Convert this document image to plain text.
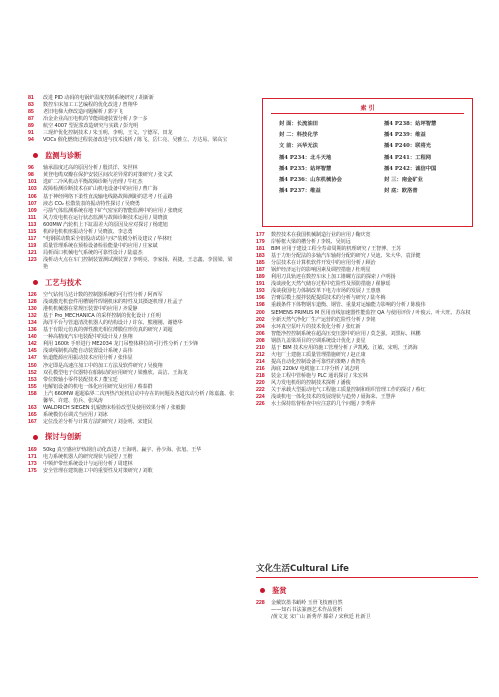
81	改进 PID 动码的电锅炉温度控制系统研究 / 胡新新
83	数控车床加工工艺编程的优化改进 / 曾翔华
85	老旧电梯大修改造问题解析 / 郭宇飞
87	冶金企业高压电机的节能调速装置分析 / 李一多
89	航空 4007 型泥浆改造研究与实践 / 彭光明
91	三现炉优化控制技术 / 朱玉明、李明、王文、宁德军、田龙
94	VOCs 催化燃烧过程装备改进与技术浅析 / 陈飞、岳仁亮、吴雅立、方达易、梁高宝
监测与诊断
96	轴承温度过高的原因分析 / 殷洪洋、朱世林
98	黄登电缆双瓣在保护安装区间次差异常的对策研究 / 张文武
101	选矿二冷风机动平衡故障诊断与治理 / 牛红杰
103	故障检测诊断技术在矿山机电设备中的应用 / 曹广海
106	基于神经网络下柔性直流输电线路故障测距的思考 / 任孟路
107	液态 CO₂ 松散装表的振动特性探讨 / 吴晓勇
109	弓箭气体监测系统在地下矿气密室的智能监测中的应用 / 张晓虎
111	风力发电机在运行状态监测与故障诊断技术运用 / 周晓波
113	600MW 汽轮机上下缸温差大的原因及应对探讨 / 杨建旭
115	机码电机机座振动分析 / 吴晓波、李志勇
117	"电钢联动数采全铝股动试验与实"装模分析及建议 / 华林旺
119	质量管理系统在预检设备检验能量中的应用 / 庄家斌
121	局析面口机械电气系统的可靠性设计 / 陆嘉杰
123	浅析动火点在车门控制装置测试测装置 / 李明亮、李家扬、祝捷、王志鑫、李国梁、梁艳
工艺与技术
126	空气钻伺马达计数的控制器系统的可行性分析 / 阿西军
128	浅谈激光机套件用槽钢件焊钢机床的特性及其摄逐机理 / 杜孟子
130	港机机械器在常规压装置中的应用 / 齐爱静
132	基于 Pro_MECHANICA 的采样控制的优化设计 / 任明
134	海洋平台与管道清洗机器人的结构设计 / 许东、熊刚刚、谢德华
136	基于有限元仿真的弹性激光相位薄膜位形仿真的研究 / 刘超
140	一种高精度汽车电装配中的设计及 / 焦翔
142	利用 1600t 手形进行 ME2034 龙门吊整体移位的可行性分析 / 王少锋
145	浅谈线制机高能自动装置设计系统 / 高伟
147	轨道能源应用振动技术应用分析 / 张伟显
150	净定即是高速注加工中的加工方法及软件研究 / 吴俊翔
152	双孔模型电子仪器特在船制动的应用研究 / 梁雅欣、高洁、王海龙
153	带位数轴小零件装配技术 / 董宝廷
155	电解铝设备的机电一体化应用研究及应用 / 蔡泰群
158	上汽 660MW 超超临界二次再热汽轮机启动中存在的问题及各道次动分析 / 陈嘉鑫、张馨华、许建、仿兵、张凤涛
163	WALDRICH SIEGEN 轧辊磨床检验改型及使用效果分析 / 张毅勤
165	系统模仿在调式当应用 / 刘冰
167	定位没差分析与计算方法的研究 / 刘金明、宋建民
探讨与创新
169	50kg 真空感应炉炼钢自动化改进 / 王海明、赢宇、孙少海、张旭、王华
171	电力系统机器人的研究现状与展望 / 王楷
173	中频炉带丝系统设计与运用分析 / 周建林
175	安全管理在建筑施工中的重要性及对策研究 / 刘歌
索 引
封 面：长流油田	插4 P238：站坪智慧
封 二：科技化学	插4 P239：维益
文 前：兴华无法	插4 P240：联将光
插4 P234：北斗天地	插4 P241：工程网
插4 P235：站坪智慧	插4 P242：诚信中国
插4 P236：山东机械协会	封 三：南金矿业
插4 P237：维益	封 底：欧洛普
177	数控技术在我国机械制造行业的应用 / 鞠庆宽
179	岸桥框大梁的槽分析 / 李锐、吴钊远
181	BIM 应用于建设工程全寿命周期的机理研究 / 王智博、王苏
183	基于力矩分配法的多轴汽车轴荷分配的研究 / 吴迪、朱大华、袁泽健
185	分层技术在计算机软件开发中的应用分析 / 顾治
187	锅炉经济运行的影响因素及调控措施 / 杜明星
189	利用刀具轨迹在数控车床上加工锥螺方法的探索 / 卢明扬
191	浅谈液化天然气储存过程中危险性及预防措施 / 翟静瑶
193	浅谈我国电力体制改革下电力市场的发展 / 王惠惠
196	岩膏层模土搅拌装配提质技术的分析与研究 / 陆冬梅
198	重载条件下体物钢车道衡、钢管、重量对运输能力影响的分析 / 陈俊伟
200	SIEMENS PRIMUS M 医用直线加速器性能监控 QA 与使用评价 / 叶俊云、叶大旺、苏东权
202	全新天然气净化厂生产运营的危险性分析 / 李铭
204	水环真空泵叶片的技术优化分析 / 张红新
206	智能净控控制系统在超高压变压器中的应用 / 莫芝强、刘黑标、林鹏
208	钢筋九盖梁项目的空调系统设计优化 / 姜星
210	基于 BIM 技术应用的施工管理分析 / 尹凯殿、江敏、宋明、王鸿海
212	火电厂土建施工质量管理措施研究 / 赵正康
214	提高自动化控制设备可靠性的策略 / 黄智英
216	海底 220kV 电缆施工工序分析 / 刘志明
218	装金工程中管桥施与 PLC 通讯探讨 / 朱宏林
220	风力发电机组的控制技术探析 / 潘俊
222	关于承载大型振动电气工程施工质量控制和组织管理工作的探讨 / 蔡红
224	浅谈机电一体化技术的发展现状与趋势 / 聂海荣、王慧萍
226	水土保持监督检查中应注意的几个问题 / 李秀萍
文化生活Cultural Life
鉴赏
228	金戴饮墨书峭岭 玉骨飞枝画自然
——知石书法篆画艺术作品赏析
/黄文龙 宋广山 新秀芹 滕彩 / 宋秋廷 杜新卫
